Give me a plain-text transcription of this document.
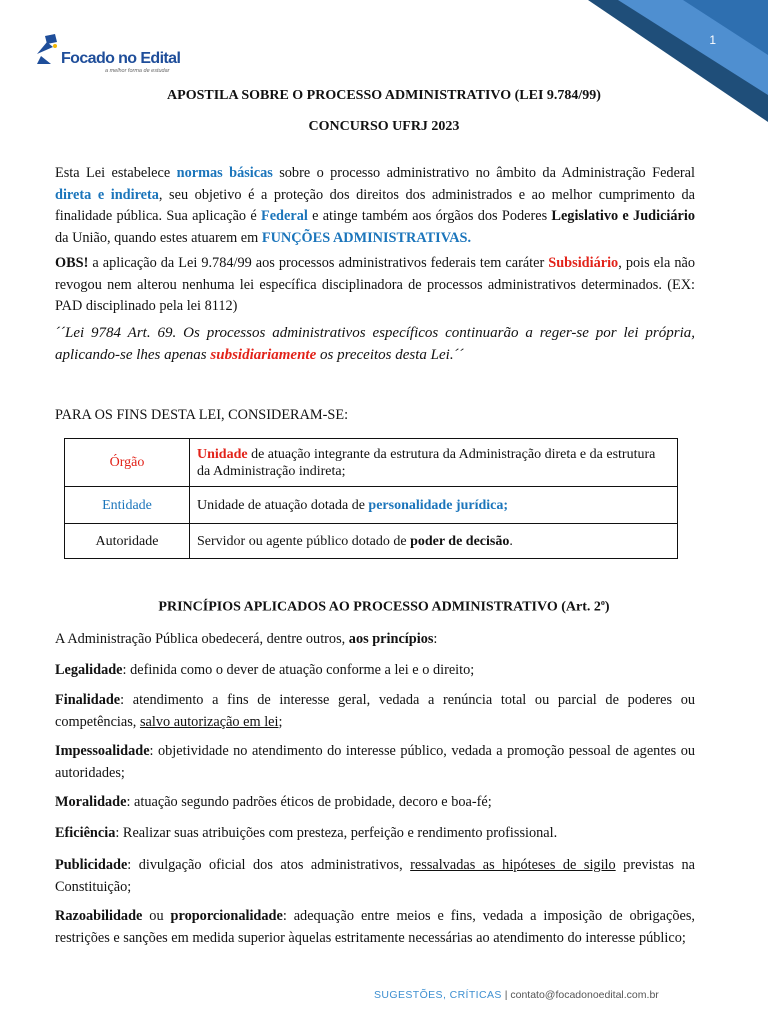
1
Focado no Edital
a melhor forma de estudar
APOSTILA SOBRE O PROCESSO ADMINISTRATIVO (LEI 9.784/99)
CONCURSO UFRJ 2023

Esta Lei estabelece normas básicas sobre o processo administrativo no âmbito da Administração Federal direta e indireta, seu objetivo é a proteção dos direitos dos administrados e ao melhor cumprimento da finalidade pública. Sua aplicação é Federal e atinge também aos órgãos dos Poderes Legislativo e Judiciário da União, quando estes atuarem em FUNÇÕES ADMINISTRATIVAS.

OBS! a aplicação da Lei 9.784/99 aos processos administrativos federais tem caráter Subsidiário, pois ela não revogou nem alterou nenhuma lei específica disciplinadora de processos administrativos determinados. (EX: PAD disciplinado pela lei 8112)

´´Lei 9784 Art. 69. Os processos administrativos específicos continuarão a reger-se por lei própria, aplicando-se lhes apenas subsidiariamente os preceitos desta Lei.´´

PARA OS FINS DESTA LEI, CONSIDERAM-SE:
Órgão	Unidade de atuação integrante da estrutura da Administração direta e da estrutura da Administração indireta;
Entidade	Unidade de atuação dotada de personalidade jurídica;
Autoridade	Servidor ou agente público dotado de poder de decisão.
PRINCÍPIOS APLICADOS AO PROCESSO ADMINISTRATIVO (Art. 2$^o$)

A Administração Pública obedecerá, dentre outros, aos princípios:

Legalidade: definida como o dever de atuação conforme a lei e o direito;

Finalidade: atendimento a fins de interesse geral, vedada a renúncia total ou parcial de poderes ou competências, salvo autorização em lei;

Impessoalidade: objetividade no atendimento do interesse público, vedada a promoção pessoal de agentes ou autoridades;

Moralidade: atuação segundo padrões éticos de probidade, decoro e boa-fé;

Eficiência: Realizar suas atribuições com presteza, perfeição e rendimento profissional.

Publicidade: divulgação oficial dos atos administrativos, ressalvadas as hipóteses de sigilo previstas na Constituição;

Razoabilidade ou proporcionalidade: adequação entre meios e fins, vedada a imposição de obrigações, restrições e sanções em medida superior àquelas estritamente necessárias ao atendimento do interesse público;

SUGESTÕES, CRÍTICAS | contato@focadonoedital.com.br
